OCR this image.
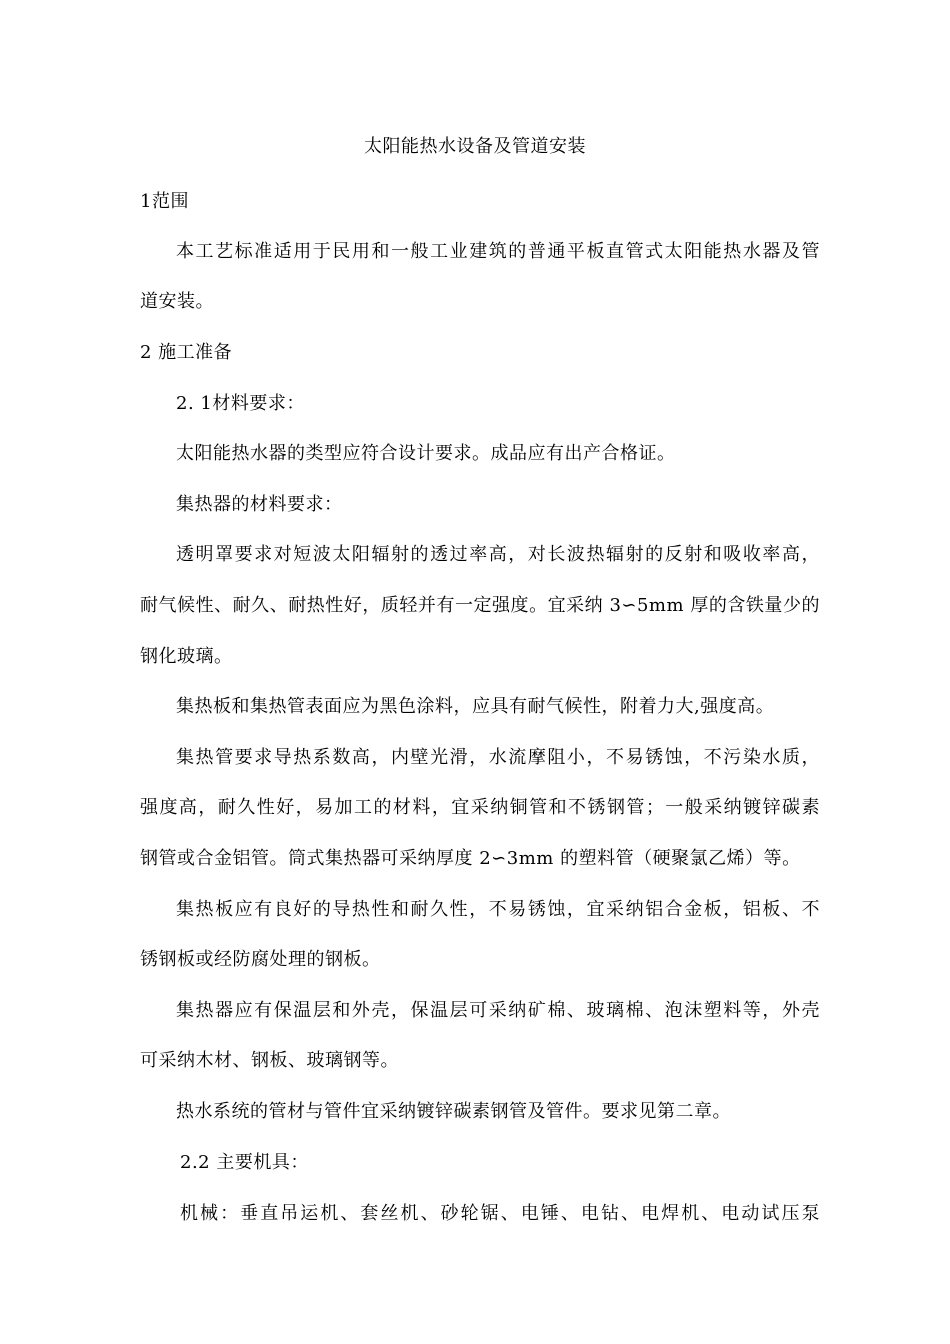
太阳能热水设备及管道安装
1范围
本工艺标准适用于民用和一般工业建筑的普通平板直管式太阳能热水器及管
道安装。
2 施工准备
2. 1材料要求：
太阳能热水器的类型应符合设计要求。成品应有出产合格证。
集热器的材料要求：
透明罩要求对短波太阳辐射的透过率高，对长波热辐射的反射和吸收率高，
耐气候性、耐久、耐热性好，质轻并有一定强度。宜采纳 3∽5mm 厚的含铁量少的
钢化玻璃。
集热板和集热管表面应为黑色涂料，应具有耐气候性，附着力大,强度高。
集热管要求导热系数高，内壁光滑，水流摩阻小，不易锈蚀，不污染水质，
强度高，耐久性好，易加工的材料，宜采纳铜管和不锈钢管；一般采纳镀锌碳素
钢管或合金铝管。筒式集热器可采纳厚度 2∽3mm 的塑料管（硬聚氯乙烯）等。
集热板应有良好的导热性和耐久性，不易锈蚀，宜采纳铝合金板，铝板、不
锈钢板或经防腐处理的钢板。
集热器应有保温层和外壳，保温层可采纳矿棉、玻璃棉、泡沫塑料等，外壳
可采纳木材、钢板、玻璃钢等。
热水系统的管材与管件宜采纳镀锌碳素钢管及管件。要求见第二章。
2.2 主要机具：
机械：垂直吊运机、套丝机、砂轮锯、电锤、电钻、电焊机、电动试压泵
